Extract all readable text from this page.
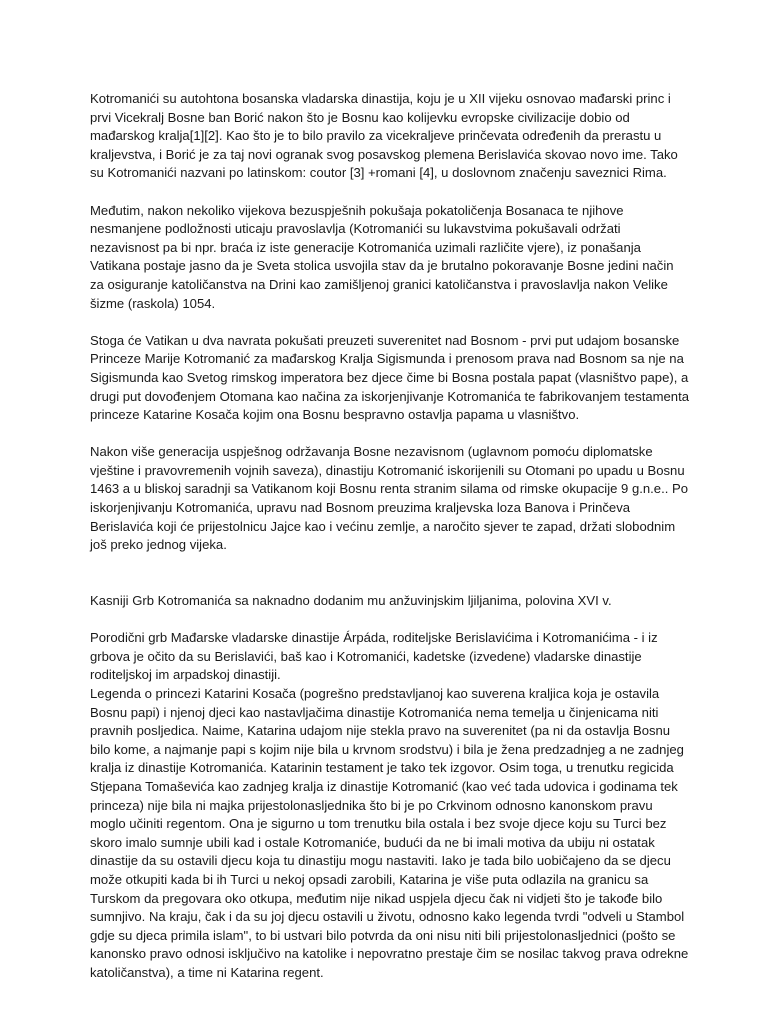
Kotromanići su autohtona bosanska vladarska dinastija, koju je u XII vijeku osnovao mađarski princ i prvi Vicekralj Bosne ban Borić nakon što je Bosnu kao kolijevku evropske civilizacije dobio od mađarskog kralja[1][2]. Kao što je to bilo pravilo za vicekraljeve prinčevata određenih da prerastu u kraljevstva, i Borić je za taj novi ogranak svog posavskog plemena Berislavića skovao novo ime. Tako su Kotromanići nazvani po latinskom: coutor [3] +romani [4], u doslovnom značenju saveznici Rima.

Međutim, nakon nekoliko vijekova bezuspješnih pokušaja pokatoličenja Bosanaca te njihove nesmanjene podložnosti uticaju pravoslavlja (Kotromanići su lukavstvima pokušavali održati nezavisnost pa bi npr. braća iz iste generacije Kotromanića uzimali različite vjere), iz ponašanja Vatikana postaje jasno da je Sveta stolica usvojila stav da je brutalno pokoravanje Bosne jedini način za osiguranje katoličanstva na Drini kao zamišljenoj granici katoličanstva i pravoslavlja nakon Velike šizme (raskola) 1054.

Stoga će Vatikan u dva navrata pokušati preuzeti suverenitet nad Bosnom - prvi put udajom bosanske Princeze Marije Kotromanić za mađarskog Kralja Sigismunda i prenosom prava nad Bosnom sa nje na Sigismunda kao Svetog rimskog imperatora bez djece čime bi Bosna postala papat (vlasništvo pape), a drugi put dovođenjem Otomana kao načina za iskorjenjivanje Kotromanića te fabrikovanjem testamenta princeze Katarine Kosača kojim ona Bosnu bespravno ostavlja papama u vlasništvo.

Nakon više generacija uspješnog održavanja Bosne nezavisnom (uglavnom pomoću diplomatske vještine i pravovremenih vojnih saveza), dinastiju Kotromanić iskorijenili su Otomani po upadu u Bosnu 1463 a u bliskoj saradnji sa Vatikanom koji Bosnu renta stranim silama od rimske okupacije 9 g.n.e.. Po iskorjenjivanju Kotromanića, upravu nad Bosnom preuzima kraljevska loza Banova i Prinčeva Berislavića koji će prijestolnicu Jajce kao i većinu zemlje, a naročito sjever te zapad, držati slobodnim još preko jednog vijeka.

Kasniji Grb Kotromanića sa naknadno dodanim mu anžuvinjskim ljiljanima, polovina XVI v.

Porodični grb Mađarske vladarske dinastije Árpáda, roditeljske Berislavićima i Kotromanićima - i iz grbova je očito da su Berislavići, baš kao i Kotromanići, kadetske (izvedene) vladarske dinastije roditeljskoj im arpadskoj dinastiji.

Legenda o princezi Katarini Kosača (pogrešno predstavljanoj kao suverena kraljica koja je ostavila Bosnu papi) i njenoj djeci kao nastavljačima dinastije Kotromanića nema temelja u činjenicama niti pravnih posljedica. Naime, Katarina udajom nije stekla pravo na suverenitet (pa ni da ostavlja Bosnu bilo kome, a najmanje papi s kojim nije bila u krvnom srodstvu) i bila je žena predzadnjeg a ne zadnjeg kralja iz dinastije Kotromanića. Katarinin testament je tako tek izgovor. Osim toga, u trenutku regicida Stjepana Tomaševića kao zadnjeg kralja iz dinastije Kotromanić (kao već tada udovica i godinama tek princeza) nije bila ni majka prijestolonasljednika što bi je po Crkvinom odnosno kanonskom pravu moglo učiniti regentom. Ona je sigurno u tom trenutku bila ostala i bez svoje djece koju su Turci bez skoro imalo sumnje ubili kad i ostale Kotromaniće, budući da ne bi imali motiva da ubiju ni ostatak dinastije da su ostavili djecu koja tu dinastiju mogu nastaviti. Iako je tada bilo uobičajeno da se djecu može otkupiti kada bi ih Turci u nekoj opsadi zarobili, Katarina je više puta odlazila na granicu sa Turskom da pregovara oko otkupa, međutim nije nikad uspjela djecu čak ni vidjeti što je takođe bilo sumnjivo. Na kraju, čak i da su joj djecu ostavili u životu, odnosno kako legenda tvrdi "odveli u Stambol gdje su djeca primila islam", to bi ustvari bilo potvrda da oni nisu niti bili prijestolonasljednici (pošto se kanonsko pravo odnosi isključivo na katolike i nepovratno prestaje čim se nosilac takvog prava odrekne katoličanstva), a time ni Katarina regent.
